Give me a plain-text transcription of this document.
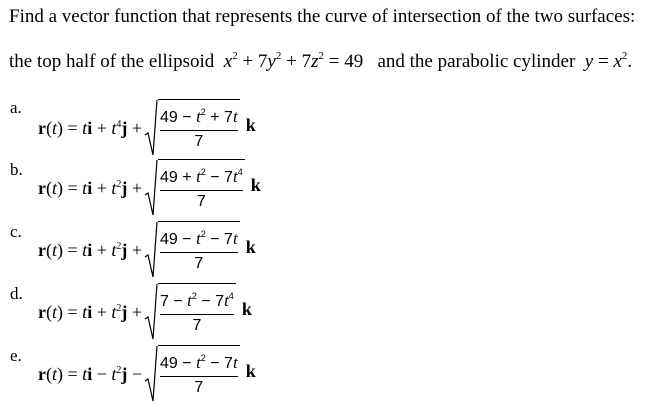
Find a vector function that represents the curve of intersection of the two surfaces:
the top half of the ellipsoid $x^2 + 7y^2 + 7z^2 = 49$   and the parabolic cylinder $y = x^2$.
a.
r(t) = ti + $t^4j + \frac{49 - t^2 + 7t}{7}$ k
b.
r(t) = ti + $t^2j + \frac{49 + t^2 - 7t^4}{7}$ k
c.
r(t) = ti + $t^2j + \frac{49 - t^2 - 7t}{7}$ k
d.
r(t) = ti + $t^2j + \frac{7 - t^2 - 7t^4}{7}$ k
e.
r(t) = ti − $t^2j - \frac{49 - t^2 - 7t}{7}$ k
